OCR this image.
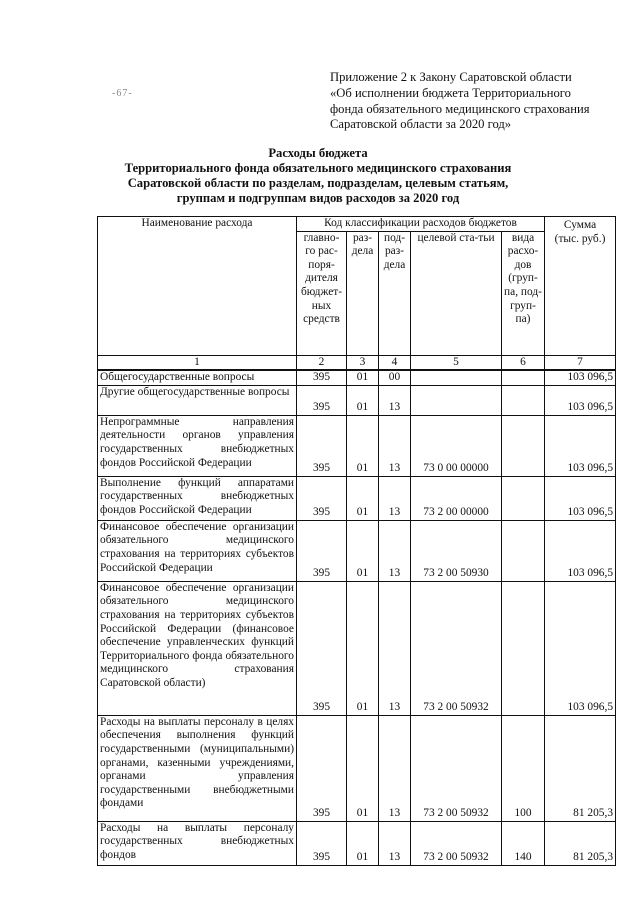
-67-
Приложение 2 к Закону Саратовской области
«Об исполнении бюджета Территориального
фонда обязательного медицинского страхования
Саратовской области за 2020 год»
Расходы бюджета
Территориального фонда обязательного медицинского страхования
Саратовской области по разделам, подразделам, целевым статьям,
группам и подгруппам видов расходов за 2020 год
Наименование расхода	Код классификации расходов бюджетов					Сумма (тыс. руб.)
	главно-го рас-поря-дителя бюджет-ных средств	раз-дела	под-раз-дела	целевой ста-тьи	вида расхо-дов (груп-па, под-груп-па)	
1	2	3	4	5	6	7
Общегосударственные вопросы	395	01	00			103 096,5
Другие общегосударственные вопросы	395	01	13			103 096,5
Непрограммные направления деятельности органов управления государственных внебюджетных фондов Российской Федерации	395	01	13	73 0 00 00000		103 096,5
Выполнение функций аппаратами государственных внебюджетных фондов Российской Федерации	395	01	13	73 2 00 00000		103 096,5
Финансовое обеспечение организации обязательного медицинского страхования на территориях субъектов Российской Федерации	395	01	13	73 2 00 50930		103 096,5
Финансовое обеспечение организации обязательного медицинского страхования на территориях субъектов Российской Федерации (финансовое обеспечение управленческих функций Территориального фонда обязательного медицинского страхования Саратовской области)	395	01	13	73 2 00 50932		103 096,5
Расходы на выплаты персоналу в целях обеспечения выполнения функций государственными (муниципальными) органами, казенными учреждениями, органами управления государственными внебюджетными фондами	395	01	13	73 2 00 50932	100	81 205,3
Расходы на выплаты персоналу государственных внебюджетных фондов	395	01	13	73 2 00 50932	140	81 205,3
